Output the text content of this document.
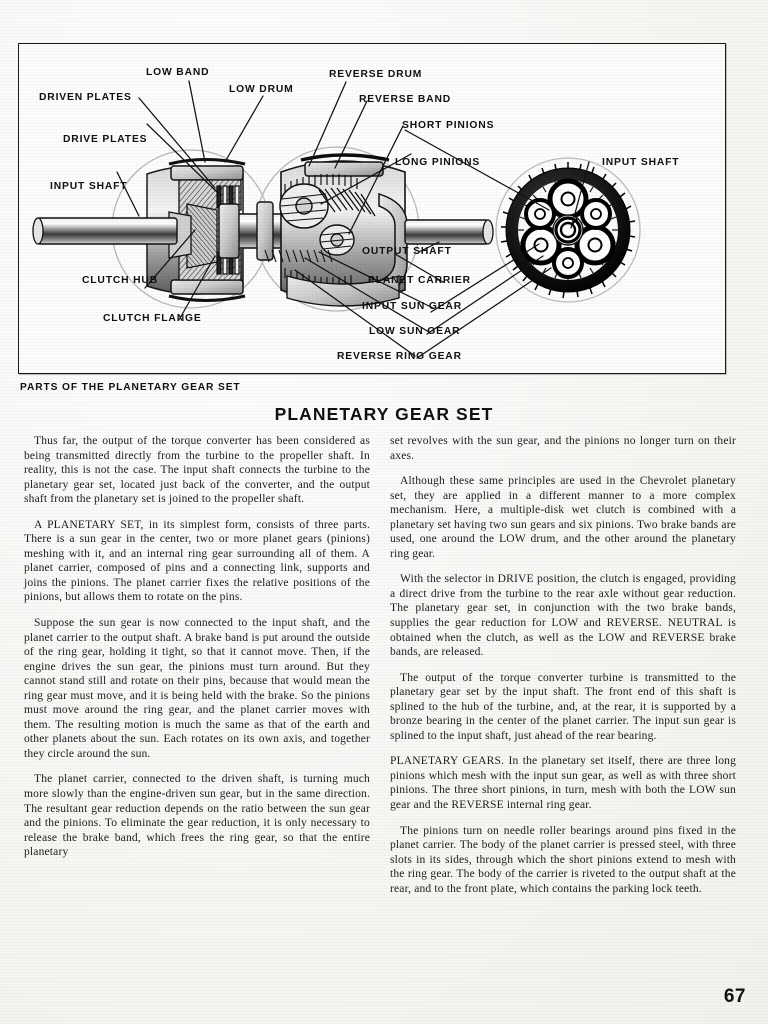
LOW BAND
LOW DRUM
REVERSE DRUM
REVERSE BAND
DRIVEN PLATES
DRIVE PLATES
SHORT PINIONS
LONG PINIONS
INPUT SHAFT
INPUT SHAFT
OUTPUT SHAFT
PLANET CARRIER
INPUT SUN GEAR
LOW SUN GEAR
REVERSE RING GEAR
CLUTCH HUB
CLUTCH FLANGE
PARTS OF THE PLANETARY GEAR SET
PLANETARY GEAR SET

Thus far, the output of the torque converter has been considered as being transmitted directly from the turbine to the propeller shaft. In reality, this is not the case. The input shaft connects the turbine to the planetary gear set, located just back of the converter, and the output shaft from the planetary set is joined to the propeller shaft.

A PLANETARY SET, in its simplest form, consists of three parts. There is a sun gear in the center, two or more planet gears (pinions) meshing with it, and an internal ring gear surrounding all of them. A planet carrier, composed of pins and a connecting link, supports and joins the pinions. The planet carrier fixes the relative positions of the pinions, but allows them to rotate on the pins.

Suppose the sun gear is now connected to the input shaft, and the planet carrier to the output shaft. A brake band is put around the outside of the ring gear, holding it tight, so that it cannot move. Then, if the engine drives the sun gear, the pinions must turn around. But they cannot stand still and rotate on their pins, because that would mean the ring gear must move, and it is being held with the brake. So the pinions must move around the ring gear, and the planet carrier moves with them. The resulting motion is much the same as that of the earth and other planets about the sun. Each rotates on its own axis, and together they circle around the sun.

The planet carrier, connected to the driven shaft, is turning much more slowly than the engine-driven sun gear, but in the same direction. The resultant gear reduction depends on the ratio between the sun gear and the pinions. To eliminate the gear reduction, it is only necessary to release the brake band, which frees the ring gear, so that the entire planetary

set revolves with the sun gear, and the pinions no longer turn on their axes.

Although these same principles are used in the Chevrolet planetary set, they are applied in a different manner to a more complex mechanism. Here, a multiple-disk wet clutch is combined with a planetary set having two sun gears and six pinions. Two brake bands are used, one around the LOW drum, and the other around the planetary ring gear.

With the selector in DRIVE position, the clutch is engaged, providing a direct drive from the turbine to the rear axle without gear reduction. The planetary gear set, in conjunction with the two brake bands, supplies the gear reduction for LOW and REVERSE. NEUTRAL is obtained when the clutch, as well as the LOW and REVERSE brake bands, are released.

The output of the torque converter turbine is transmitted to the planetary gear set by the input shaft. The front end of this shaft is splined to the hub of the turbine, and, at the rear, it is supported by a bronze bearing in the center of the planet carrier. The input sun gear is splined to the input shaft, just ahead of the rear bearing.

PLANETARY GEARS. In the planetary set itself, there are three long pinions which mesh with the input sun gear, as well as with three short pinions. The three short pinions, in turn, mesh with both the LOW sun gear and the REVERSE internal ring gear.

The pinions turn on needle roller bearings around pins fixed in the planet carrier. The body of the planet carrier is pressed steel, with three slots in its sides, through which the short pinions extend to mesh with the ring gear. The body of the carrier is riveted to the output shaft at the rear, and to the front plate, which contains the parking lock teeth.

67
